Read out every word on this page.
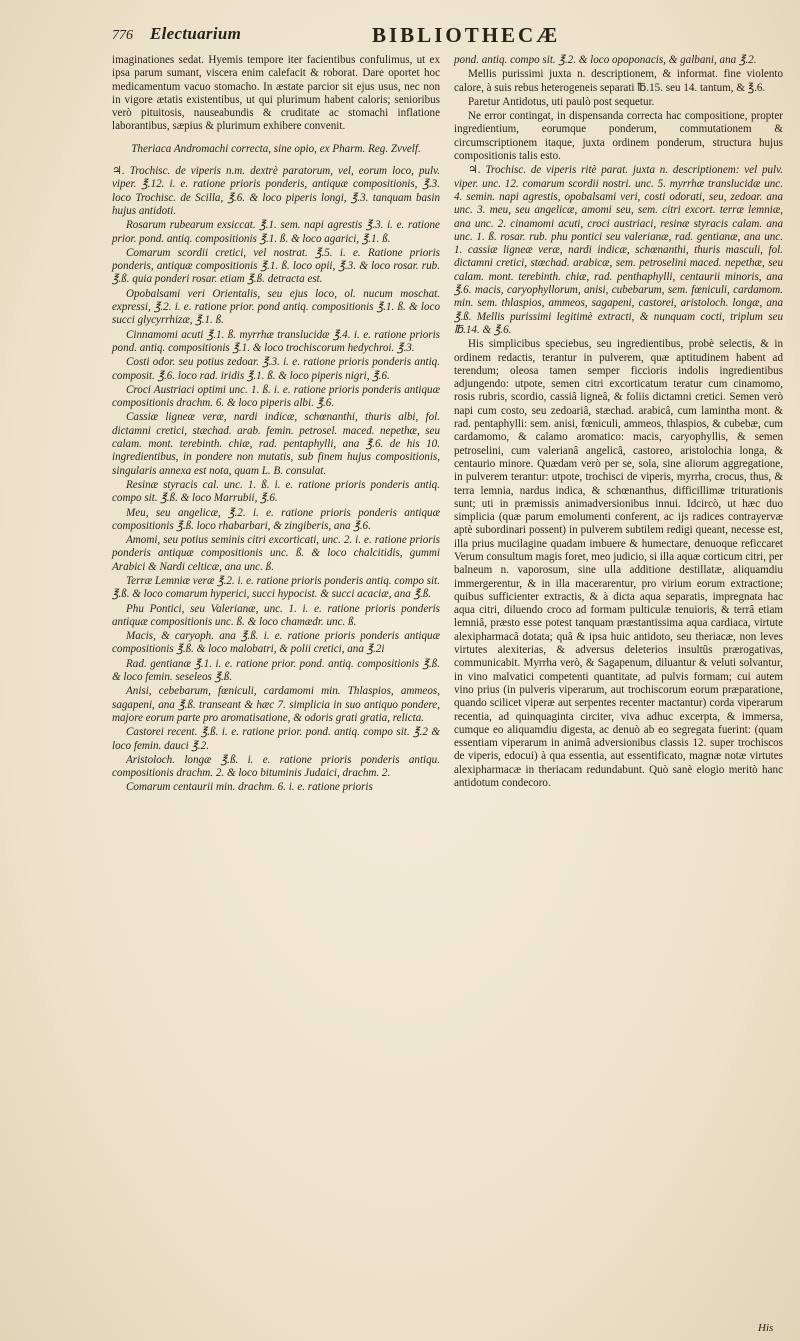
776 Electuarium	BIBLIOTHECÆ

imaginationes sedat. Hyemis tempore iter facientibus confulimus, ut ex ipsa parum sumant, viscera enim calefacit & roborat. Dare oportet hoc medicamentum vacuo stomacho. In æstate parcior sit ejus usus, nec non in vigore ætatis existentibus, ut qui plurimum habent caloris; senioribus verò pituitosis, nauseabundis & cruditate ac stomachi inflatione laborantibus, sæpius & plurimum exhibere convenit.

Theriaca Andromachi correcta, sine opio, ex Pharm. Reg. Zvvelf.

♃. Trochisc. de viperis n.m. dextrè paratorum, vel, eorum loco, pulv. viper. ℥.12. i. e. ratione prioris ponderis, antiquæ compositionis, ℥.3. loco Trochisc. de Scilla, ℥.6. & loco piperis longi, ℥.3. tanquam basin hujus antidoti.

Rosarum rubearum exsiccat. ℥.1. sem. napi agrestis ℥.3. i. e. ratione prior. pond. antiq. compositionis ℥.1. ß. & loco agarici, ℥.1. ß.

Comarum scordii cretici, vel nostrat. ℥.5. i. e. Ratione prioris ponderis, antiquæ compositionis ℥.1. ß. loco opii, ℥.3. & loco rosar. rub. ℥.ß. quia ponderi rosar. etiam ℥.ß. detracta est.

Opobalsami veri Orientalis, seu ejus loco, ol. nucum moschat. expressi, ℥.2. i. e. ratione prior. pond antiq. compositionis ℥.1. ß. & loco succi glycyrrhizæ, ℥.1. ß.

Cinnamomi acuti ℥.1. ß. myrrhæ translucidæ ℥.4. i. e. ratione prioris pond. antiq. compositionis ℥.1. & loco trochiscorum hedychroi. ℥.3.

Costi odor. seu potius zedoar. ℥.3. i. e. ratione prioris ponderis antiq. composit. ℥.6. loco rad. iridis ℥.1. ß. & loco piperis nigri, ℥.6.

Croci Austriaci optimi unc. 1. ß. i. e. ratione prioris ponderis antiquæ compositionis drachm. 6. & loco piperis albi. ℥.6.

Cassiæ ligneæ veræ, nardi indicæ, schœnanthi, thuris albi, fol. dictamni cretici, stæchad. arab. femin. petrosel. maced. nepethæ, seu calam. mont. terebinth. chiæ, rad. pentaphylli, ana ℥.6. de his 10. ingredientibus, in pondere non mutatis, sub finem hujus compositionis, singularis annexa est nota, quam L. B. consulat.

Resinæ styracis cal. unc. 1. ß. i. e. ratione prioris ponderis antiq. compo sit. ℥.ß. & loco Marrubii, ℥.6.

Meu, seu angelicæ, ℥.2. i. e. ratione prioris ponderis antiquæ compositionis ℥.ß. loco rhabarbari, & zingiberis, ana ℥.6.

Amomi, seu potius seminis citri excorticati, unc. 2. i. e. ratione prioris ponderis antiquæ compositionis unc. ß. & loco chalcitidis, gummi Arabici & Nardi celticæ, ana unc. ß.

Terræ Lemniæ veræ ℥.2. i. e. ratione prioris ponderis antiq. compo sit. ℥.ß. & loco comarum hyperici, succi hypocist. & succi acaciæ, ana ℥.ß.

Phu Pontici, seu Valerianæ, unc. 1. i. e. ratione prioris ponderis antiquæ compositionis unc. ß. & loco chamædr. unc. ß.

Macis, & caryoph. ana ℥.ß. i. e. ratione prioris ponderis antiquæ compositionis ℥.ß. & loco malobatri, & polii cretici, ana ℥.2i

Rad. gentianæ ℥.1. i. e. ratione prior. pond. antiq. compositionis ℥.ß. & loco femin. seseleos ℥.ß.

Anisi, cebebarum, fœniculi, cardamomi min. Thlaspios, ammeos, sagapeni, ana ℥.ß. transeant & hæc 7. simplicia in suo antiquo pondere, majore eorum parte pro aromatisatione, & odoris grati gratia, relicta.

Castorei recent. ℥.ß. i. e. ratione prior. pond. antiq. compo sit. ℥.2 & loco femin. dauci ℥.2.

Aristoloch. longæ ℥.ß. i. e. ratione prioris ponderis antiqu. compositionis drachm. 2. & loco bituminis Judaici, drachm. 2.

Comarum centaurii min. drachm. 6. i. e. ratione prioris

pond. antiq. compo sit. ℥.2. & loco opoponacis, & galbani, ana ℥.2.

Mellis purissimi juxta n. descriptionem, & informat. fine violento calore, à suis rebus heterogeneis separati ℔.15. seu 14. tantum, & ℥.6.

Paretur Antidotus, uti paulò post sequetur.

Ne error contingat, in dispensanda correcta hac compositione, propter ingredientium, eorumque ponderum, commutationem & circumscriptionem itaque, juxta ordinem ponderum, structura hujus compositionis talis esto.

♃. Trochisc. de viperis ritè parat. juxta n. descriptionem: vel pulv. viper. unc. 12. comarum scordii nostri. unc. 5. myrrhæ translucidæ unc. 4. semin. napi agrestis, opobalsami veri, costi odorati, seu, zedoar. ana unc. 3. meu, seu angelicæ, amomi seu, sem. citri excort. terræ lemniæ, ana unc. 2. cinamomi acuti, croci austriaci, resinæ styracis calam. ana unc. 1. ß. rosar. rub. phu pontici seu valerianæ, rad. gentianæ, ana unc. 1. cassiæ ligneæ veræ, nardi indicæ, schœnanthi, thuris masculi, fol. dictamni cretici, stœchad. arabicæ, sem. petroselini maced. nepethæ, seu calam. mont. terebinth. chiæ, rad. penthaphylli, centaurii minoris, ana ℥.6. macis, caryophyllorum, anisi, cubebarum, sem. fœniculi, cardamom. min. sem. thlaspios, ammeos, sagapeni, castorei, aristoloch. longæ, ana ℥.ß. Mellis purissimi legitimè extracti, & nunquam cocti, triplum seu ℔.14. & ℥.6.

His simplicibus speciebus, seu ingredientibus, probè selectis, & in ordinem redactis, terantur in pulverem, quæ aptitudinem habent ad terendum; oleosa tamen semper ficcioris indolis ingredientibus adjungendo: utpote, semen citri excorticatum teratur cum cinamomo, rosis rubris, scordio, cassiâ ligneâ, & foliis dictamni cretici. Semen verò napi cum costo, seu zedoariâ, stæchad. arabicâ, cum lamintha mont. & rad. pentaphylli: sem. anisi, fœniculi, ammeos, thlaspios, & cubebæ, cum cardamomo, & calamo aromatico: macis, caryophyllis, & semen petroselini, cum valerianâ angelicâ, castoreo, aristolochia longa, & centaurio minore. Quædam verò per se, sola, sine aliorum aggregatione, in pulverem terantur: utpote, trochisci de viperis, myrrha, crocus, thus, & terra lemnia, nardus indica, & schœnanthus, difficillimæ triturationis sunt; uti in præmissis animadversionibus innui. Idcircò, ut hæc duo simplicia (quæ parum emolumenti conferent, ac ijs radices contrayervæ aptè subordinari possent) in pulverem subtilem redigi queant, necesse est, illa prius mucilagine quadam imbuere & humectare, denuoque reficcaret Verum consultum magis foret, meo judicio, si illa aquæ corticum citri, per balneum n. vaporosum, sine ulla additione destillatæ, aliquamdiu immergerentur, & in illa macerarentur, pro virium eorum extractione; quibus sufficienter extractis, & à dicta aqua separatis, impregnata hac aqua citri, diluendo croco ad formam pulticulæ tenuioris, & terrâ etiam lemniâ, præsto esse potest tanquam præstantissima aqua cardiaca, virtute alexipharmacâ dotata; quâ & ipsa huic antidoto, seu theriacæ, non leves virtutes alexiterias, & adversus deleterios insultûs prærogativas, communicabit. Myrrha verò, & Sagapenum, diluantur & veluti solvantur, in vino malvatici competenti quantitate, ad pulvis formam; cui autem vino prius (in pulveris viperarum, aut trochiscorum eorum præparatione, quando scilicet viperæ aut serpentes recenter mactantur) corda viperarum recentia, ad quinquaginta circiter, viva adhuc excerpta, & immersa, cumque eo aliquamdiu digesta, ac denuò ab eo segregata fuerint: (quam essentiam viperarum in animâ adversionibus classis 12. super trochiscos de viperis, edocui) à qua essentia, aut essentificato, magnæ notæ virtutes alexipharmacæ in theriacam redundabunt. Quò sanè elogio meritò hanc antidotum condecoro.

His
